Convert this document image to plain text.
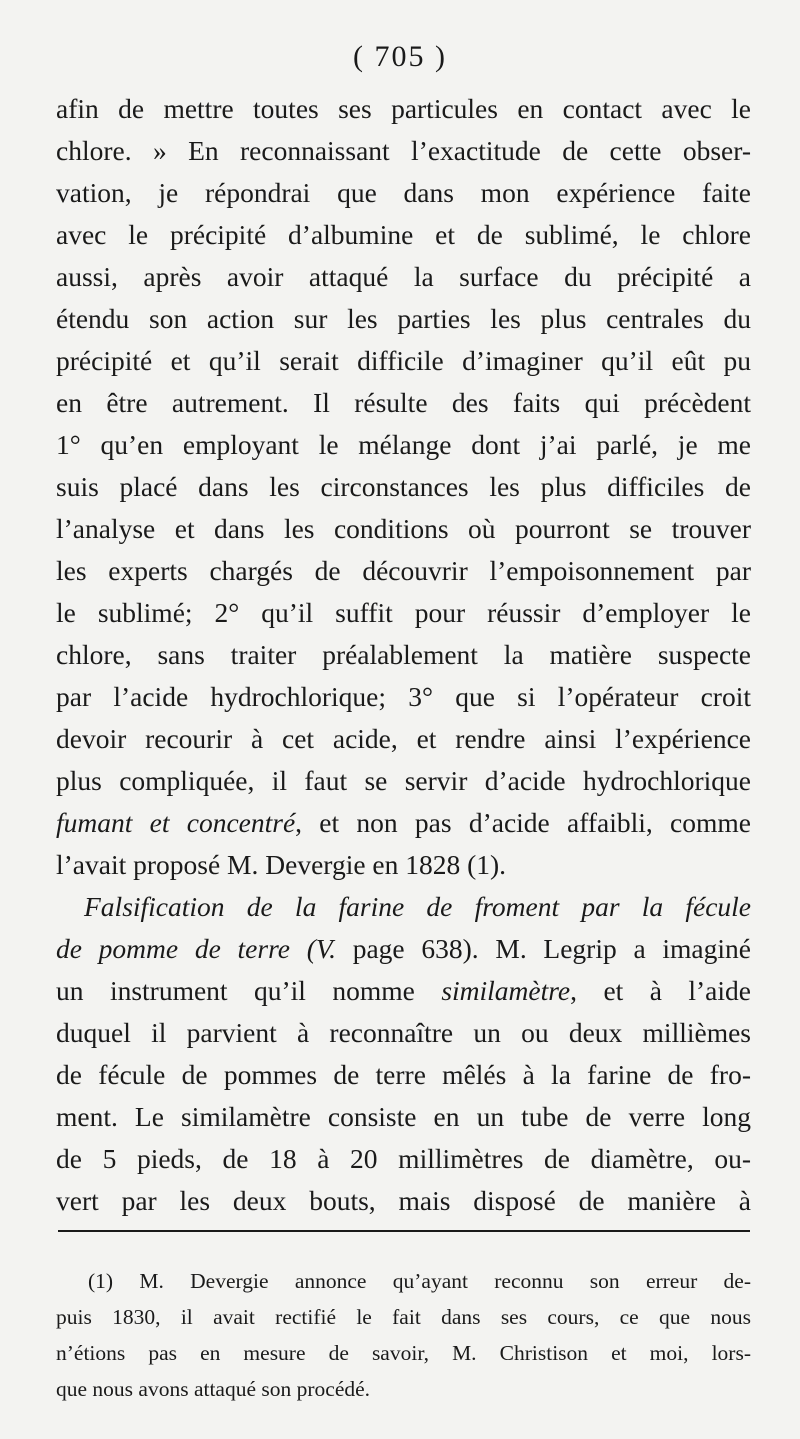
( 705 )
afin de mettre toutes ses particules en contact avec le
chlore. » En reconnaissant l’exactitude de cette obser-
vation, je répondrai que dans mon expérience faite
avec le précipité d’albumine et de sublimé, le chlore
aussi, après avoir attaqué la surface du précipité a
étendu son action sur les parties les plus centrales du
précipité et qu’il serait difficile d’imaginer qu’il eût pu
en être autrement. Il résulte des faits qui précèdent
1° qu’en employant le mélange dont j’ai parlé, je me
suis placé dans les circonstances les plus difficiles de
l’analyse et dans les conditions où pourront se trouver
les experts chargés de découvrir l’empoisonnement par
le sublimé; 2° qu’il suffit pour réussir d’employer le
chlore, sans traiter préalablement la matière suspecte
par l’acide hydrochlorique; 3° que si l’opérateur croit
devoir recourir à cet acide, et rendre ainsi l’expérience
plus compliquée, il faut se servir d’acide hydrochlorique
fumant et concentré, et non pas d’acide affaibli, comme
l’avait proposé M. Devergie en 1828 (1).
Falsification de la farine de froment par la fécule
de pomme de terre (V. page 638). M. Legrip a imaginé
un instrument qu’il nomme similamètre, et à l’aide
duquel il parvient à reconnaître un ou deux millièmes
de fécule de pommes de terre mêlés à la farine de fro-
ment. Le similamètre consiste en un tube de verre long
de 5 pieds, de 18 à 20 millimètres de diamètre, ou-
vert par les deux bouts, mais disposé de manière à
(1) M. Devergie annonce qu’ayant reconnu son erreur de-
puis 1830, il avait rectifié le fait dans ses cours, ce que nous
n’étions pas en mesure de savoir, M. Christison et moi, lors-
que nous avons attaqué son procédé.
